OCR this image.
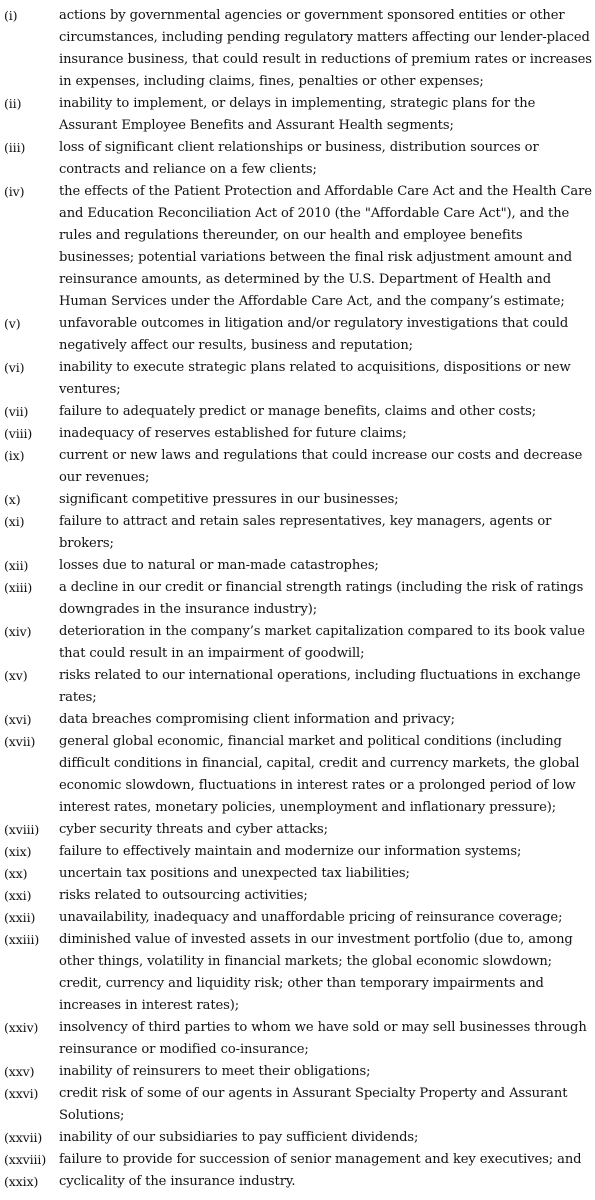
(i)	actions by governmental agencies or government sponsored entities or other circumstances, including pending regulatory matters affecting our lender-placed insurance business, that could result in reductions of premium rates or increases in expenses, including claims, fines, penalties or other expenses;
(ii)	inability to implement, or delays in implementing, strategic plans for the Assurant Employee Benefits and Assurant Health segments;
(iii)	loss of significant client relationships or business, distribution sources or contracts and reliance on a few clients;
(iv)	the effects of the Patient Protection and Affordable Care Act and the Health Care and Education Reconciliation Act of 2010 (the "Affordable Care Act"), and the rules and regulations thereunder, on our health and employee benefits businesses; potential variations between the final risk adjustment amount and reinsurance amounts, as determined by the U.S. Department of Health and Human Services under the Affordable Care Act, and the company’s estimate;
(v)	unfavorable outcomes in litigation and/or regulatory investigations that could negatively affect our results, business and reputation;
(vi)	inability to execute strategic plans related to acquisitions, dispositions or new ventures;
(vii)	failure to adequately predict or manage benefits, claims and other costs;
(viii)	inadequacy of reserves established for future claims;
(ix)	current or new laws and regulations that could increase our costs and decrease our revenues;
(x)	significant competitive pressures in our businesses;
(xi)	failure to attract and retain sales representatives, key managers, agents or brokers;
(xii)	losses due to natural or man-made catastrophes;
(xiii)	a decline in our credit or financial strength ratings (including the risk of ratings downgrades in the insurance industry);
(xiv)	deterioration in the company’s market capitalization compared to its book value that could result in an impairment of goodwill;
(xv)	risks related to our international operations, including fluctuations in exchange rates;
(xvi)	data breaches compromising client information and privacy;
(xvii)	general global economic, financial market and political conditions (including difficult conditions in financial, capital, credit and currency markets, the global economic slowdown, fluctuations in interest rates or a prolonged period of low interest rates, monetary policies, unemployment and inflationary pressure);
(xviii)	cyber security threats and cyber attacks;
(xix)	failure to effectively maintain and modernize our information systems;
(xx)	uncertain tax positions and unexpected tax liabilities;
(xxi)	risks related to outsourcing activities;
(xxii)	unavailability, inadequacy and unaffordable pricing of reinsurance coverage;
(xxiii)	diminished value of invested assets in our investment portfolio (due to, among other things, volatility in financial markets; the global economic slowdown; credit, currency and liquidity risk; other than temporary impairments and increases in interest rates);
(xxiv)	insolvency of third parties to whom we have sold or may sell businesses through reinsurance or modified co-insurance;
(xxv)	inability of reinsurers to meet their obligations;
(xxvi)	credit risk of some of our agents in Assurant Specialty Property and Assurant Solutions;
(xxvii)	inability of our subsidiaries to pay sufficient dividends;
(xxviii) failure to provide for succession of senior management and key executives; and
(xxix)	cyclicality of the insurance industry.
